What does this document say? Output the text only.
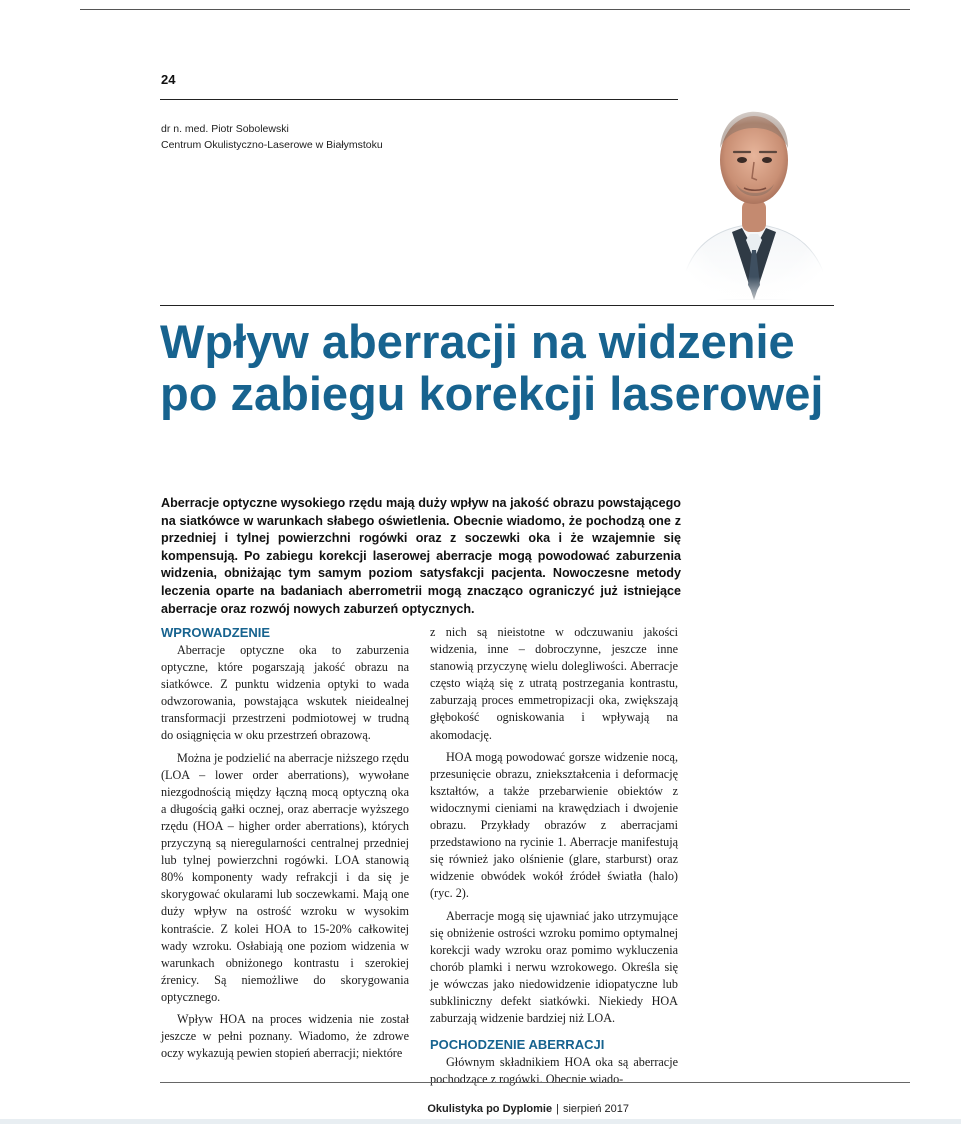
24
dr n. med. Piotr Sobolewski
Centrum Okulistyczno-Laserowe w Białymstoku
Wpływ aberracji na widzenie po zabiegu korekcji laserowej

Aberracje optyczne wysokiego rzędu mają duży wpływ na jakość obrazu powstającego na siatkówce w warunkach słabego oświetlenia. Obecnie wiadomo, że pochodzą one z przedniej i tylnej powierzchni rogówki oraz z soczewki oka i że wzajemnie się kompensują. Po zabiegu korekcji laserowej aberracje mogą powodować zaburzenia widzenia, obniżając tym samym poziom satysfakcji pacjenta. Nowoczesne metody leczenia oparte na badaniach aberrometrii mogą znacząco ograniczyć już istniejące aberracje oraz rozwój nowych zaburzeń optycznych.

WPROWADZENIE

Aberracje optyczne oka to zaburzenia optyczne, które pogarszają jakość obrazu na siatkówce. Z punktu widzenia optyki to wada odwzorowania, powstająca wskutek nieidealnej transformacji przestrzeni podmiotowej w trudną do osiągnięcia w oku przestrzeń obrazową.

Można je podzielić na aberracje niższego rzędu (LOA – lower order aberrations), wywołane niezgodnością między łączną mocą optyczną oka a długością gałki ocznej, oraz aberracje wyższego rzędu (HOA – higher order aberrations), których przyczyną są nieregularności centralnej przedniej lub tylnej powierzchni rogówki. LOA stanowią 80% komponenty wady refrakcji i da się je skorygować okularami lub soczewkami. Mają one duży wpływ na ostrość wzroku w wysokim kontraście. Z kolei HOA to 15-20% całkowitej wady wzroku. Osłabiają one poziom widzenia w warunkach obniżonego kontrastu i szerokiej źrenicy. Są niemożliwe do skorygowania optycznego.

Wpływ HOA na proces widzenia nie został jeszcze w pełni poznany. Wiadomo, że zdrowe oczy wykazują pewien stopień aberracji; niektóre

z nich są nieistotne w odczuwaniu jakości widzenia, inne – dobroczynne, jeszcze inne stanowią przyczynę wielu dolegliwości. Aberracje często wiążą się z utratą postrzegania kontrastu, zaburzają proces emmetropizacji oka, zwiększają głębokość ogniskowania i wpływają na akomodację.

HOA mogą powodować gorsze widzenie nocą, przesunięcie obrazu, zniekształcenia i deformację kształtów, a także przebarwienie obiektów z widocznymi cieniami na krawędziach i dwojenie obrazu. Przykłady obrazów z aberracjami przedstawiono na rycinie 1. Aberracje manifestują się również jako olśnienie (glare, starburst) oraz widzenie obwódek wokół źródeł światła (halo) (ryc. 2).

Aberracje mogą się ujawniać jako utrzymujące się obniżenie ostrości wzroku pomimo optymalnej korekcji wady wzroku oraz pomimo wykluczenia chorób plamki i nerwu wzrokowego. Określa się je wówczas jako niedowidzenie idiopatyczne lub subkliniczny defekt siatkówki. Niekiedy HOA zaburzają widzenie bardziej niż LOA.

POCHODZENIE ABERRACJI

Głównym składnikiem HOA oka są aberracje pochodzące z rogówki. Obecnie wiado-

Okulistyka po Dyplomie | sierpień 2017
